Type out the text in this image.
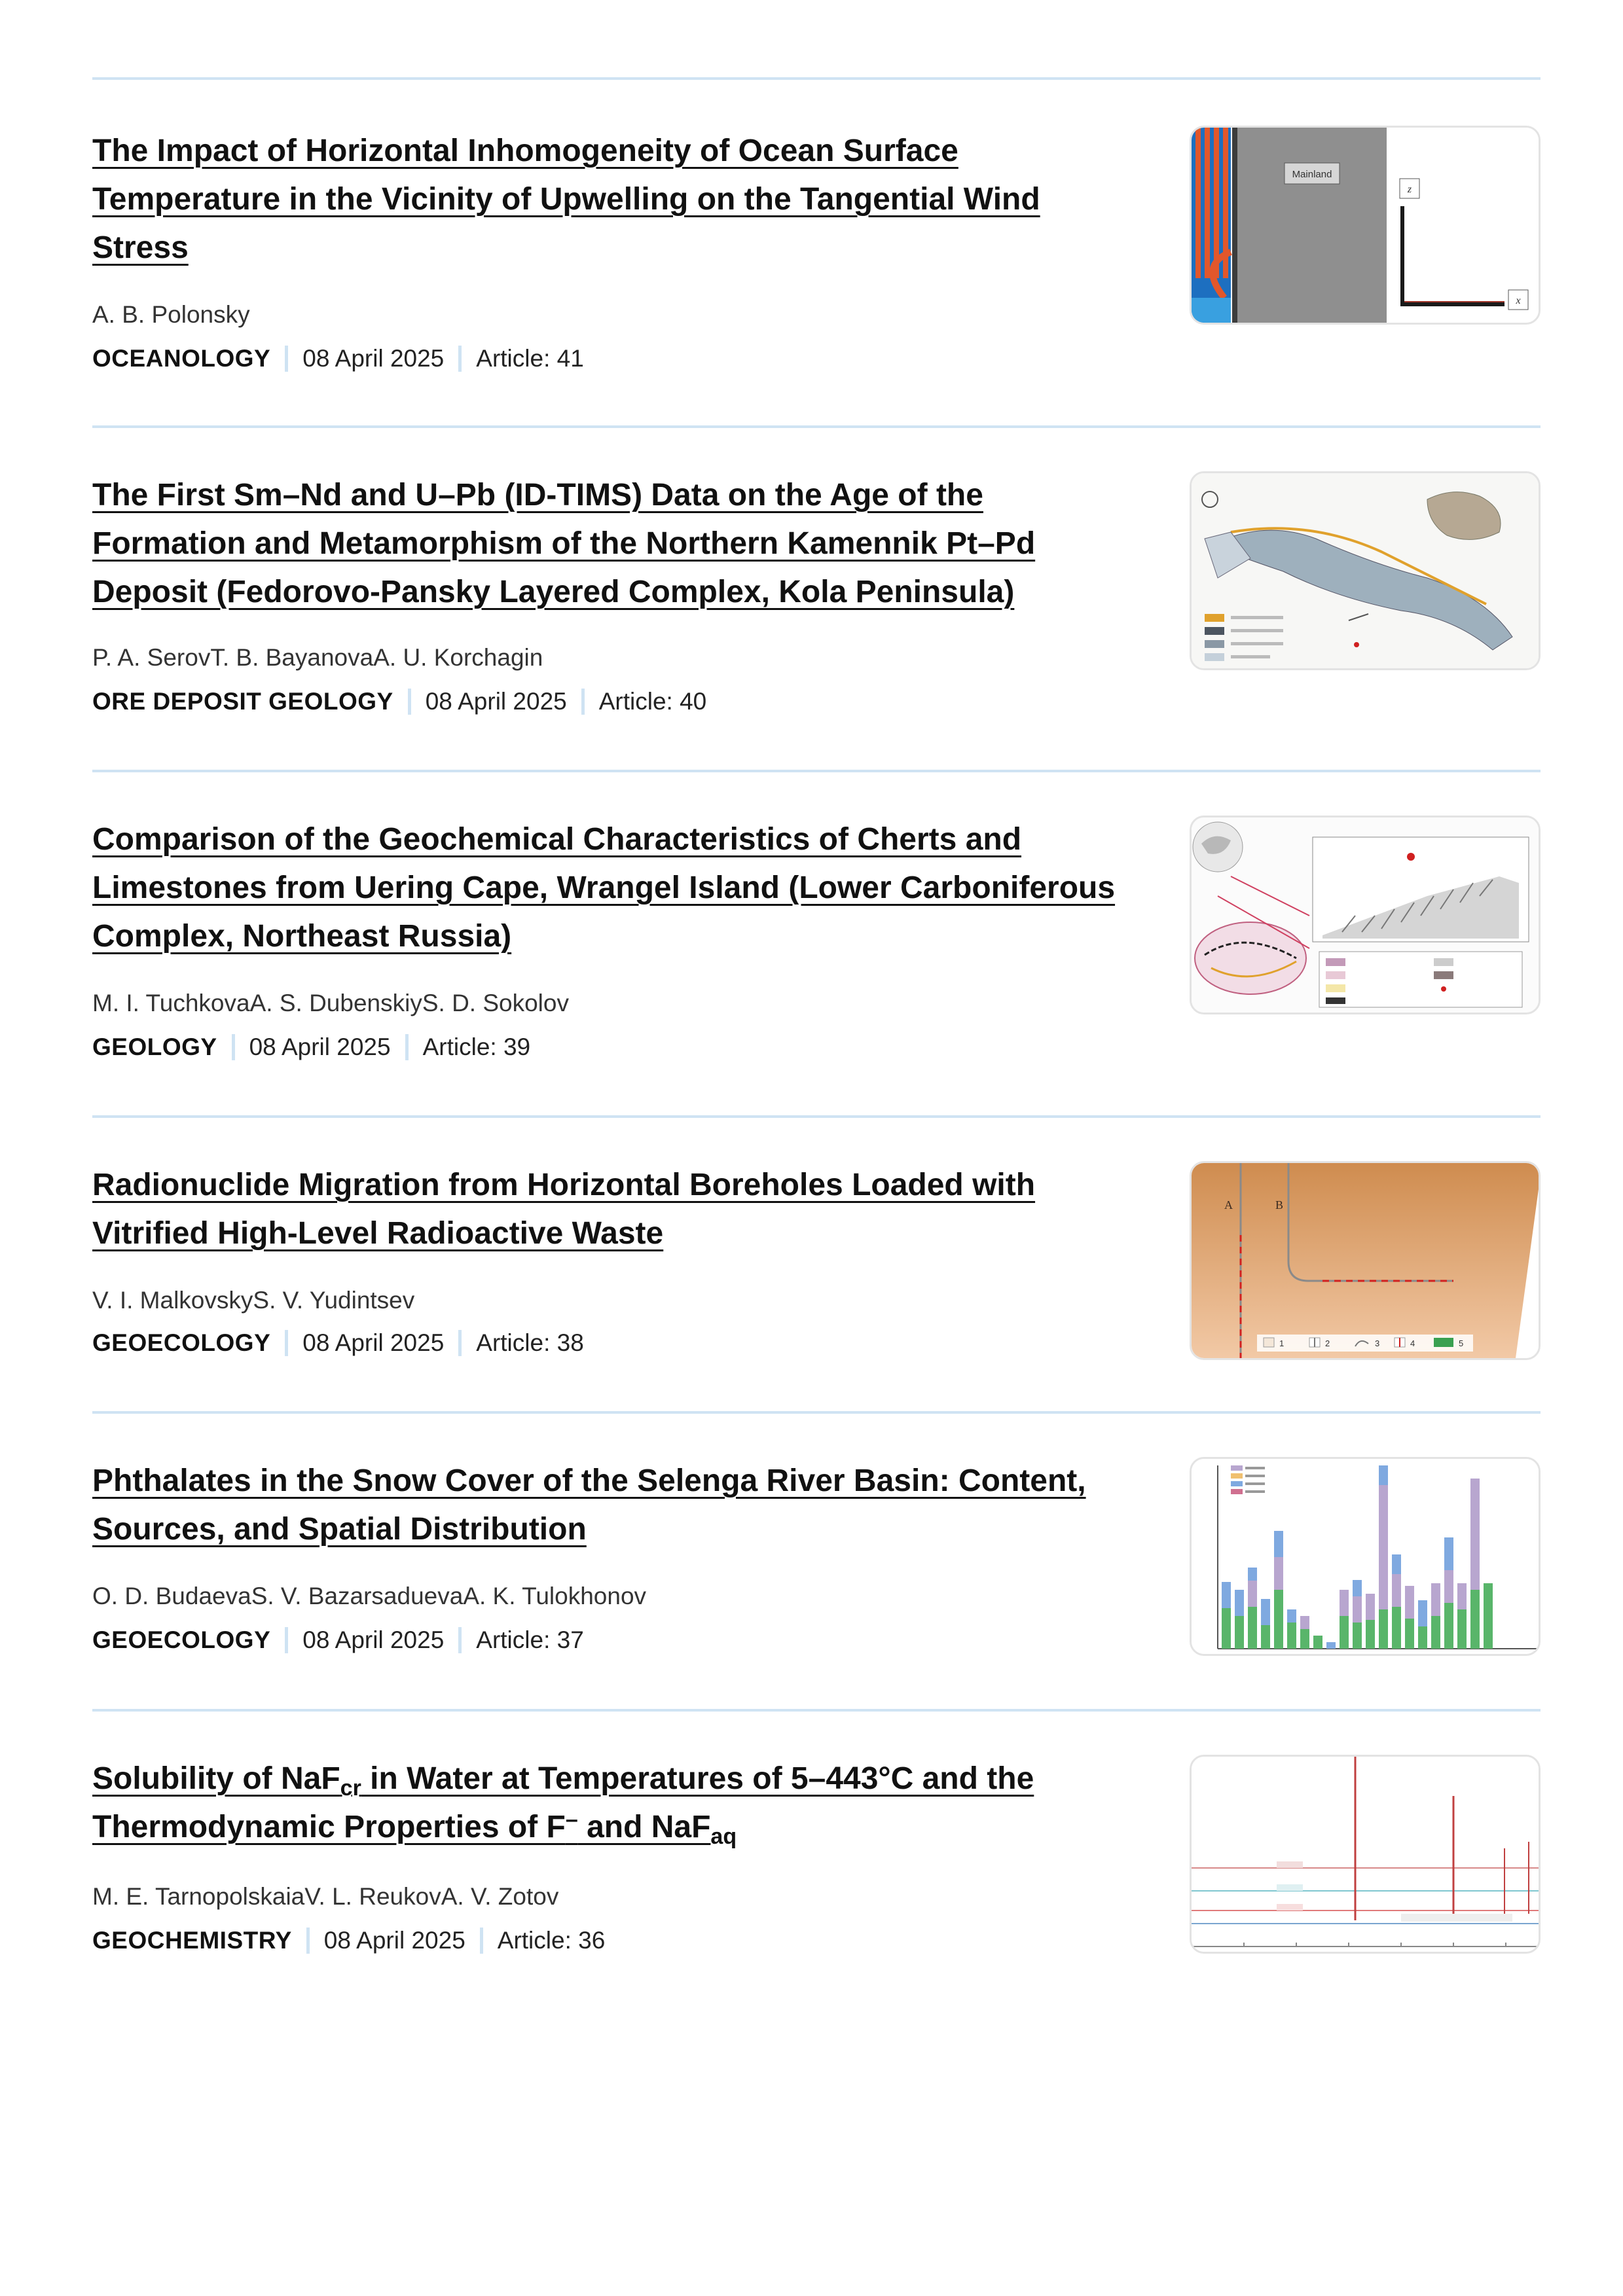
The Impact of Horizontal Inhomogeneity of Ocean Surface Temperature in the Vicinity of Upwelling on the Tangential Wind Stress
A. B. Polonsky
OCEANOLOGY 08 April 2025 Article: 41
Mainland
z
x
The First Sm–Nd and U–Pb (ID-TIMS) Data on the Age of the Formation and Metamorphism of the Northern Kamennik Pt–Pd Deposit (Fedorovo-Pansky Layered Complex, Kola Peninsula)
P. A. SerovT. B. BayanovaA. U. Korchagin
ORE DEPOSIT GEOLOGY 08 April 2025 Article: 40
Comparison of the Geochemical Characteristics of Cherts and Limestones from Uering Cape, Wrangel Island (Lower Carboniferous Complex, Northeast Russia)
M. I. TuchkovaA. S. DubenskiyS. D. Sokolov
GEOLOGY 08 April 2025 Article: 39
Radionuclide Migration from Horizontal Boreholes Loaded with Vitrified High-Level Radioactive Waste
V. I. MalkovskyS. V. Yudintsev
GEOECOLOGY 08 April 2025 Article: 38
A	B
1	2	3	4	5
Phthalates in the Snow Cover of the Selenga River Basin: Content, Sources, and Spatial Distribution
O. D. BudaevaS. V. BazarsaduevaA. K. Tulokhonov
GEOECOLOGY 08 April 2025 Article: 37
Solubility of NaF$_{cr}$ in Water at Temperatures of 5–443°C and the Thermodynamic Properties of F– and NaF$_{aq}$
M. E. TarnopolskaiaV. L. ReukovA. V. Zotov
GEOCHEMISTRY 08 April 2025 Article: 36
